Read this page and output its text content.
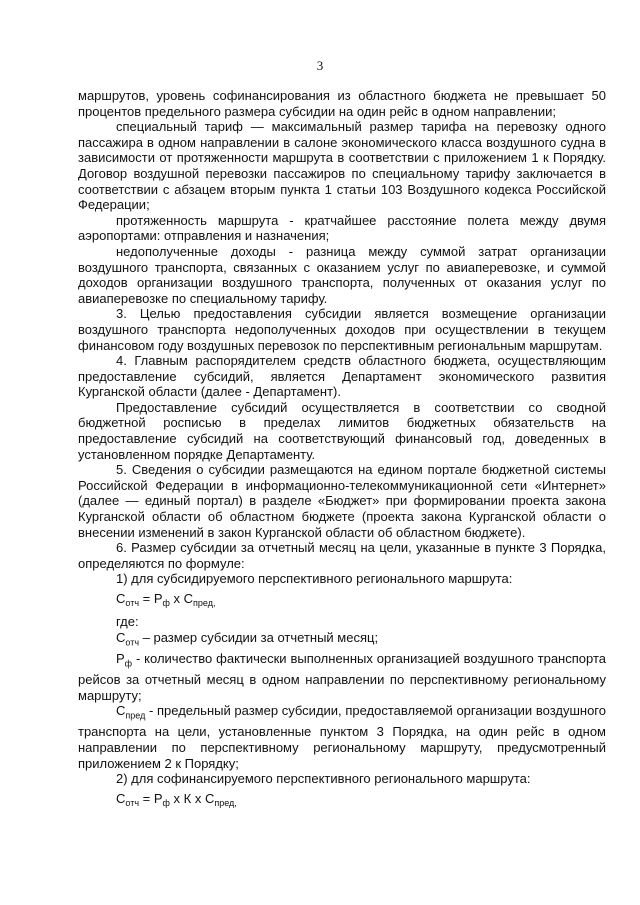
3

маршрутов, уровень софинансирования из областного бюджета не превышает 50 процентов предельного размера субсидии на один рейс в одном направлении;

специальный тариф — максимальный размер тарифа на перевозку одного пассажира в одном направлении в салоне экономического класса воздушного судна в зависимости от протяженности маршрута в соответствии с приложением 1 к Порядку. Договор воздушной перевозки пассажиров по специальному тарифу заключается в соответствии с абзацем вторым пункта 1 статьи 103 Воздушного кодекса Российской Федерации;

протяженность маршрута - кратчайшее расстояние полета между двумя аэропортами: отправления и назначения;

недополученные доходы - разница между суммой затрат организации воздушного транспорта, связанных с оказанием услуг по авиаперевозке, и суммой доходов организации воздушного транспорта, полученных от оказания услуг по авиаперевозке по специальному тарифу.

3. Целью предоставления субсидии является возмещение организации воздушного транспорта недополученных доходов при осуществлении в текущем финансовом году воздушных перевозок по перспективным региональным маршрутам.

4. Главным распорядителем средств областного бюджета, осуществляющим предоставление субсидий, является Департамент экономического развития Курганской области (далее - Департамент).

Предоставление субсидий осуществляется в соответствии со сводной бюджетной росписью в пределах лимитов бюджетных обязательств на предоставление субсидий на соответствующий финансовый год, доведенных в установленном порядке Департаменту.

5. Сведения о субсидии размещаются на едином портале бюджетной системы Российской Федерации в информационно-телекоммуникационной сети «Интернет» (далее — единый портал) в разделе «Бюджет» при формировании проекта закона Курганской области об областном бюджете (проекта закона Курганской области о внесении изменений в закон Курганской области об областном бюджете).

6. Размер субсидии за отчетный месяц на цели, указанные в пункте 3 Порядка, определяются по формуле:

1) для субсидируемого перспективного регионального маршрута:

$С_{отч} = Р_ф$ х $С_{пред,}$

где:

$С_{отч}$ – размер субсидии за отчетный месяц;

$Р_ф$ - количество фактически выполненных организацией воздушного транспорта рейсов за отчетный месяц в одном направлении по перспективному региональному маршруту;

$С_{пред}$ - предельный размер субсидии, предоставляемой организации воздушного транспорта на цели, установленные пунктом 3 Порядка, на один рейс в одном направлении по перспективному региональному маршруту, предусмотренный приложением 2 к Порядку;

2) для софинансируемого перспективного регионального маршрута:

$С_{отч} = Р_ф$ х К х $С_{пред,}$
